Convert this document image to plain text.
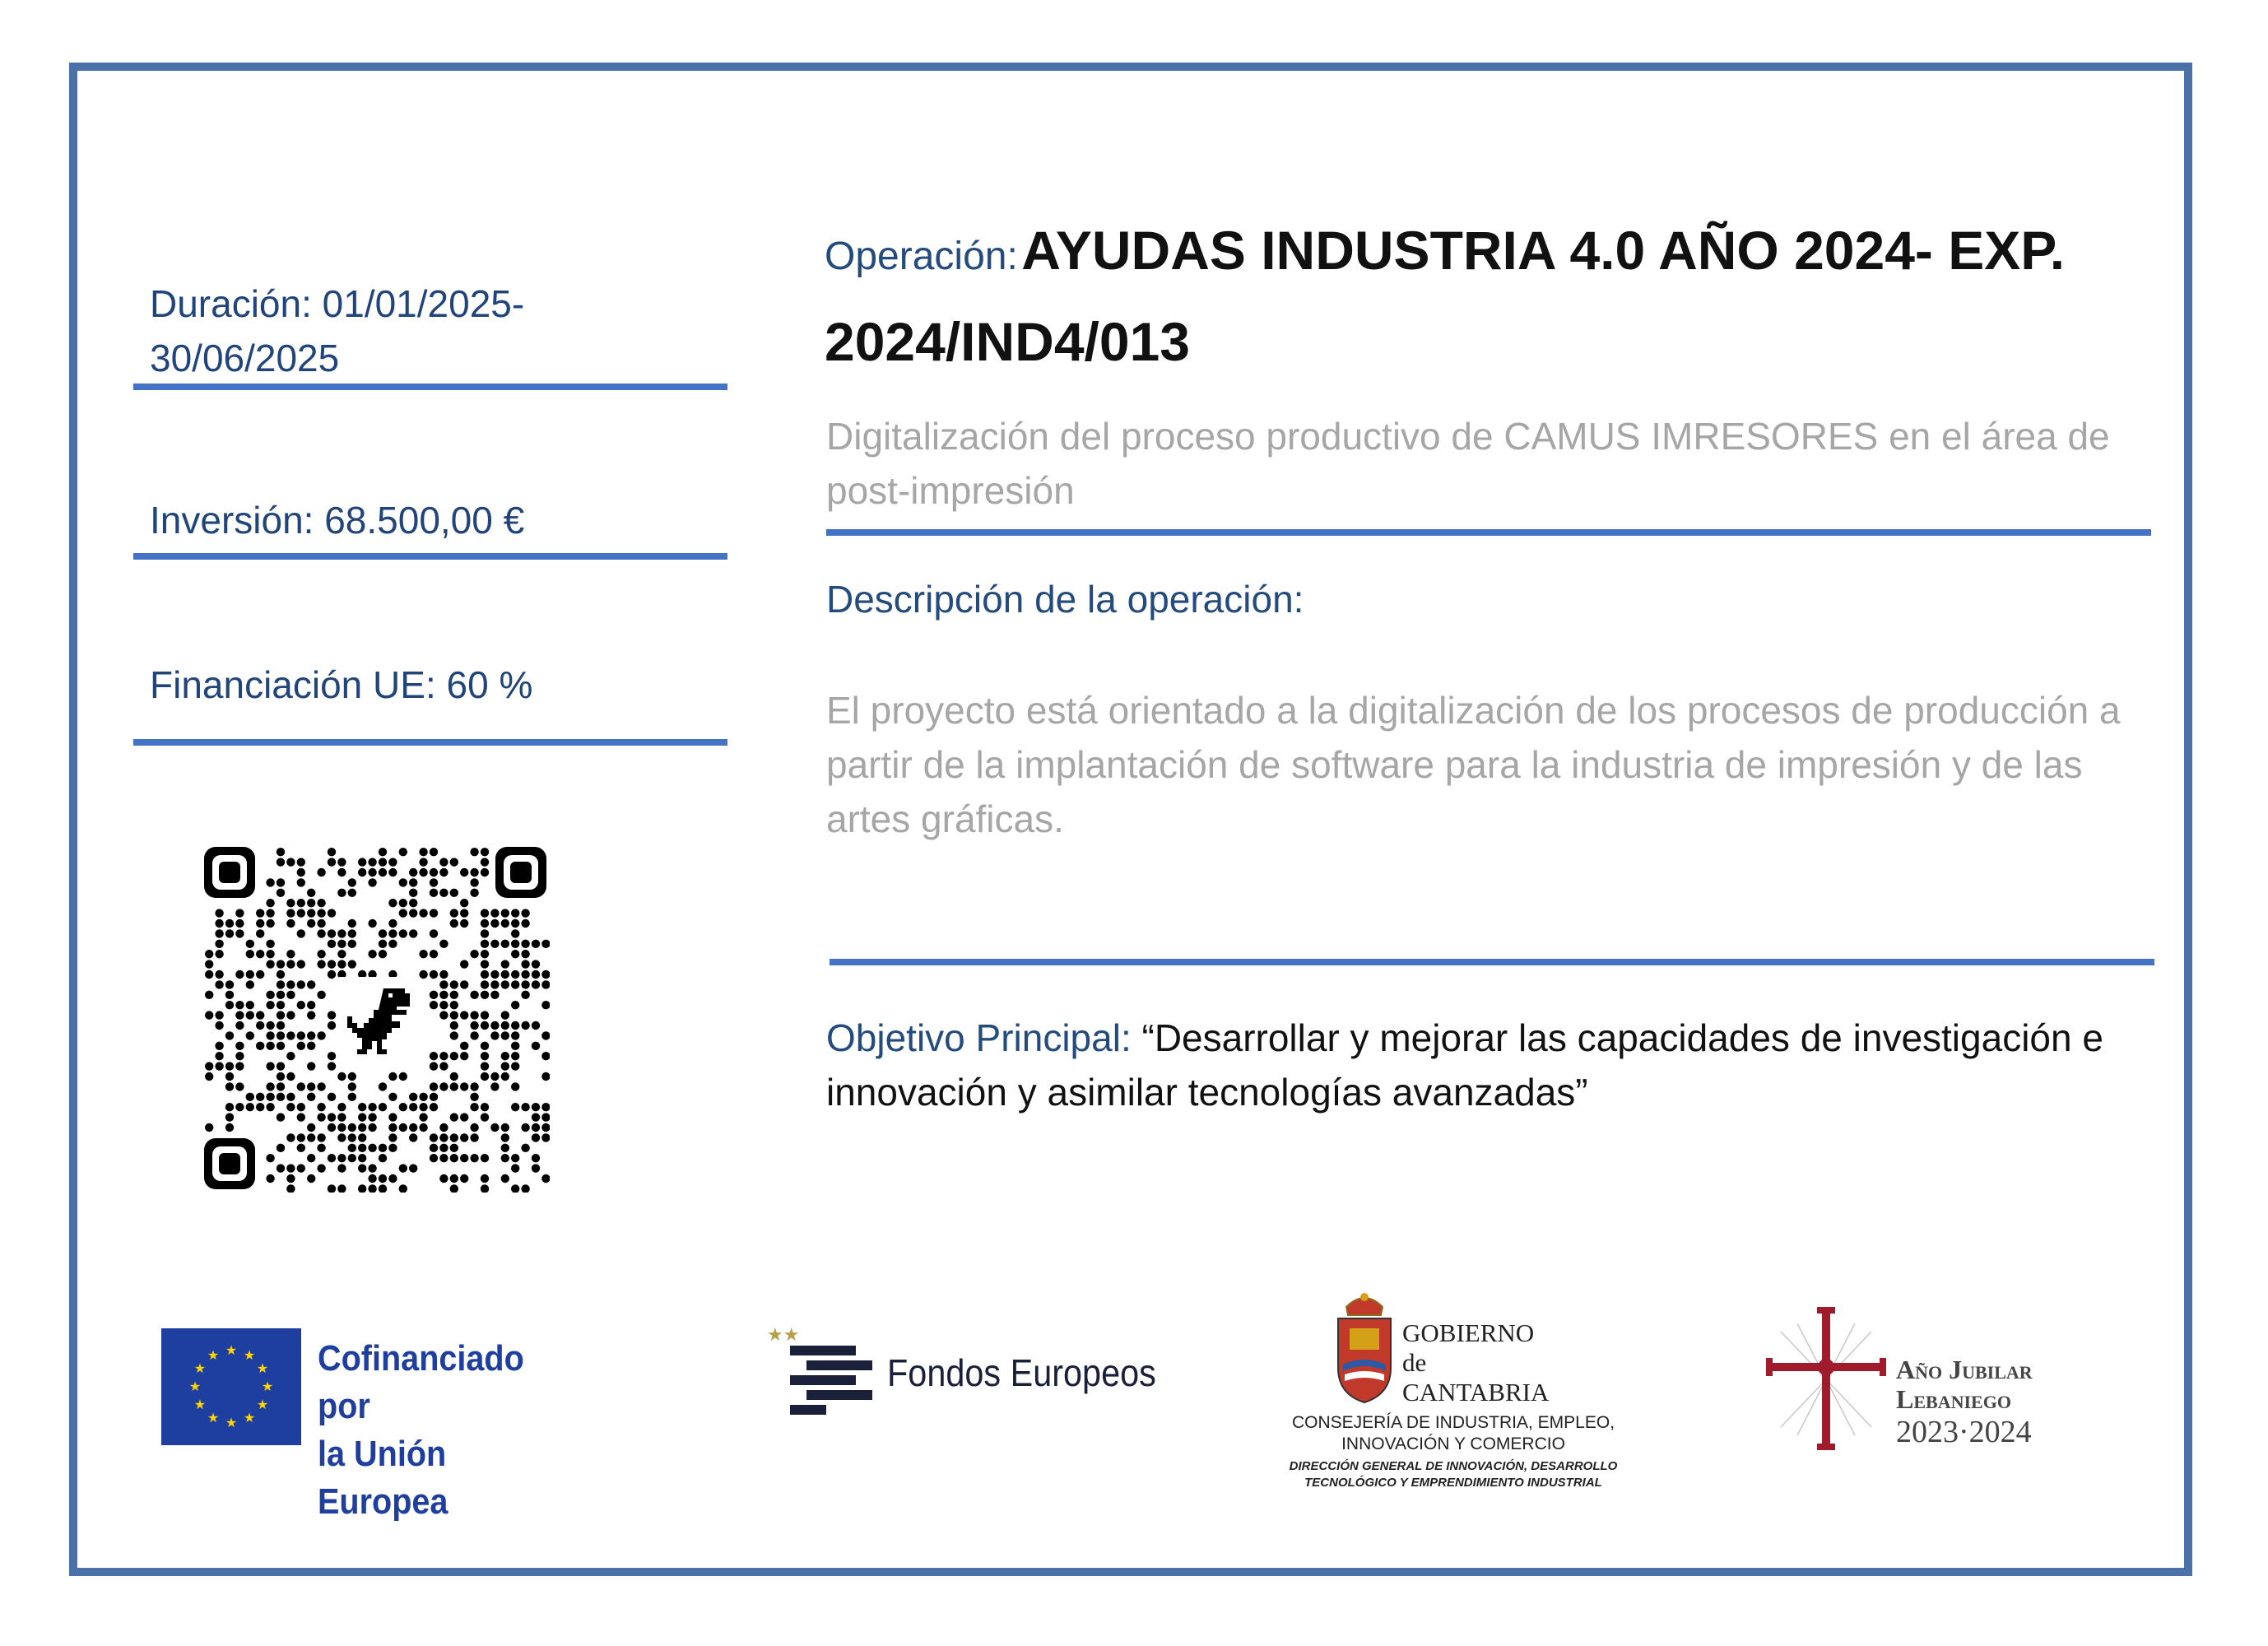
Duración: 01/01/2025-30/06/2025
Inversión: 68.500,00 €
Financiación UE: 60 %
Operación: AYUDAS INDUSTRIA 4.0 AÑO 2024- EXP. 2024/IND4/013
Digitalización del proceso productivo de CAMUS IMRESORES en el área de post-impresión
Descripción de la operación:
El proyecto está orientado a la digitalización de los procesos de producción a partir de la implantación de software para la industria de impresión y de las artes gráficas.
Objetivo Principal: “Desarrollar y mejorar las capacidades de investigación e innovación y asimilar tecnologías avanzadas”
★ ★
★
★
★
★
★
★
★
★
★
★	Cofinanciado por
la Unión Europea
★★
Fondos Europeos
GOBIERNO
de
CANTABRIA
CONSEJERÍA DE INDUSTRIA, EMPLEO,
INNOVACIÓN Y COMERCIO
DIRECCIÓN GENERAL DE INNOVACIÓN, DESARROLLO
TECNOLÓGICO Y EMPRENDIMIENTO INDUSTRIAL
Año Jubilar
Lebaniego
2023·2024
